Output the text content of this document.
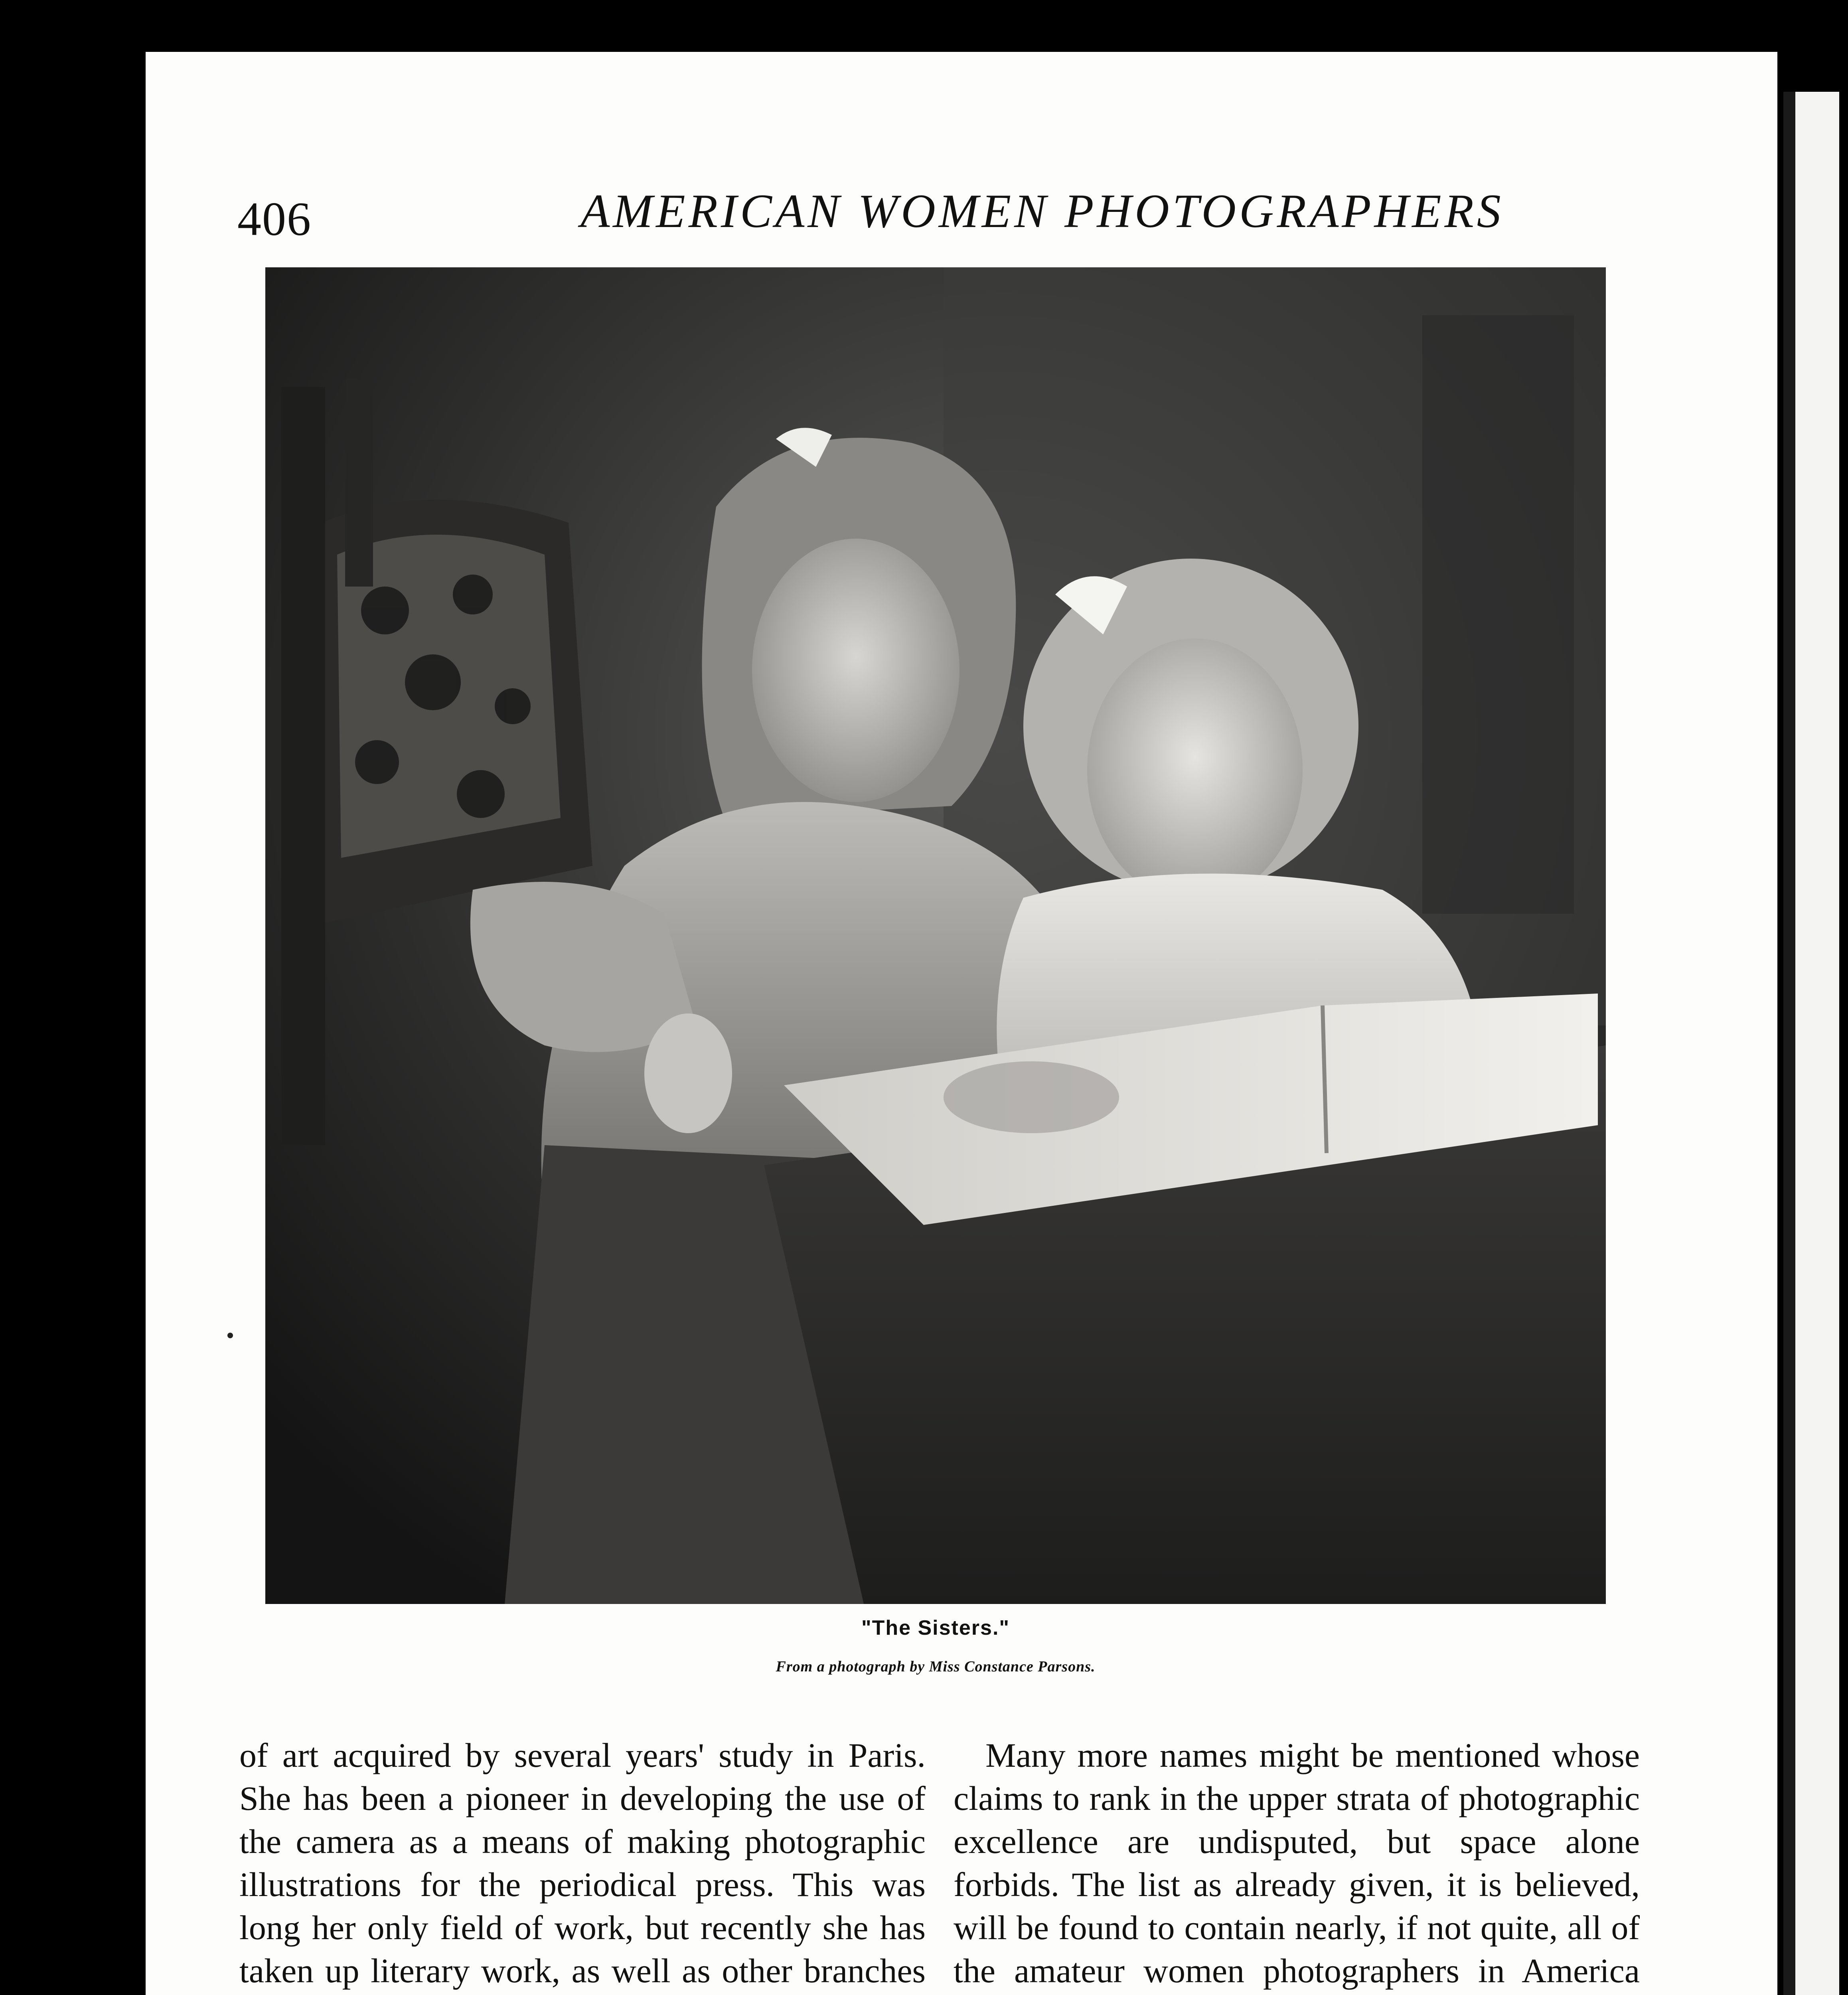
406	AMERICAN WOMEN PHOTOGRAPHERS
"The Sisters."
From a photograph by Miss Constance Parsons.

of art acquired by several years' study in Paris. She has been a pioneer in developing the use of the camera as a means of making photographic illustrations for the periodical press. This was long her only field of work, but recently she has taken up literary work, as well as other branches

Many more names might be mentioned whose claims to rank in the upper strata of photographic excellence are undisputed, but space alone forbids. The list as already given, it is believed, will be found to contain nearly, if not quite, all of the amateur women photographers in America
